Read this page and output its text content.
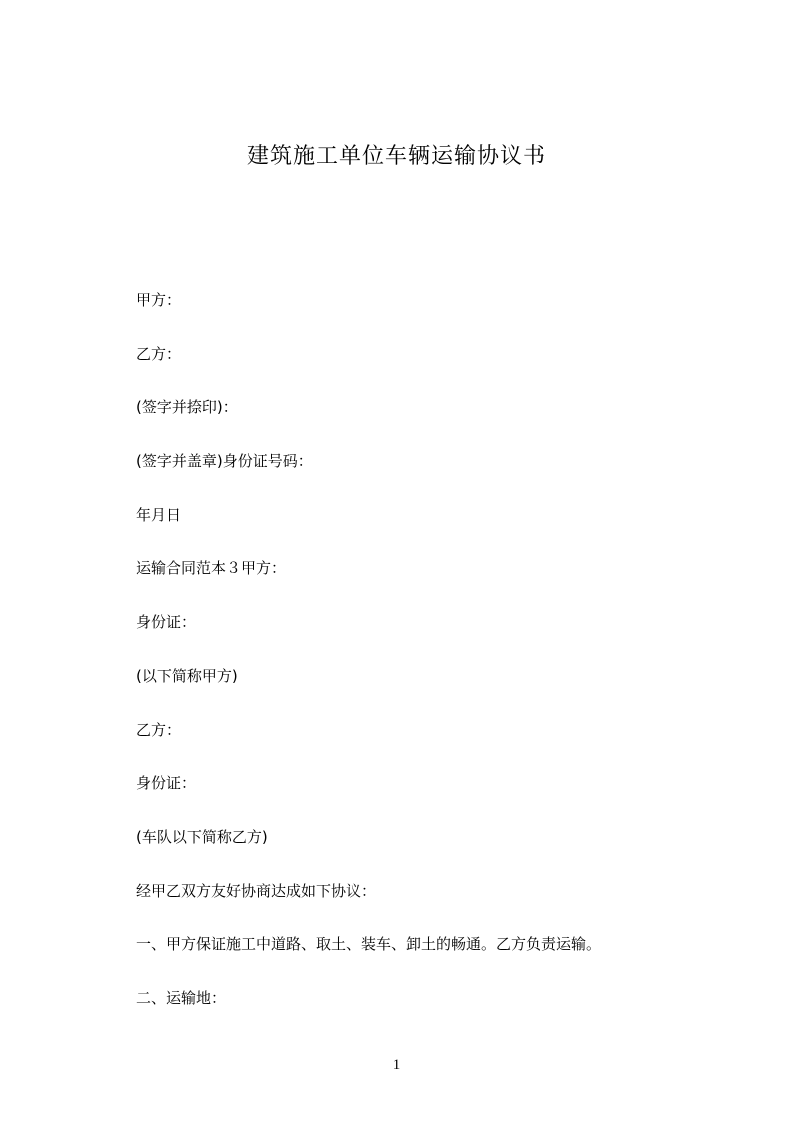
建筑施工单位车辆运输协议书
甲方：
乙方：
(签字并捺印)：
(签字并盖章)身份证号码：
年月日
运输合同范本３甲方：
身份证：
(以下简称甲方)
乙方：
身份证：
(车队以下简称乙方)
经甲乙双方友好协商达成如下协议：
一、甲方保证施工中道路、取土、装车、卸土的畅通。乙方负责运输。
二、运输地：
1
